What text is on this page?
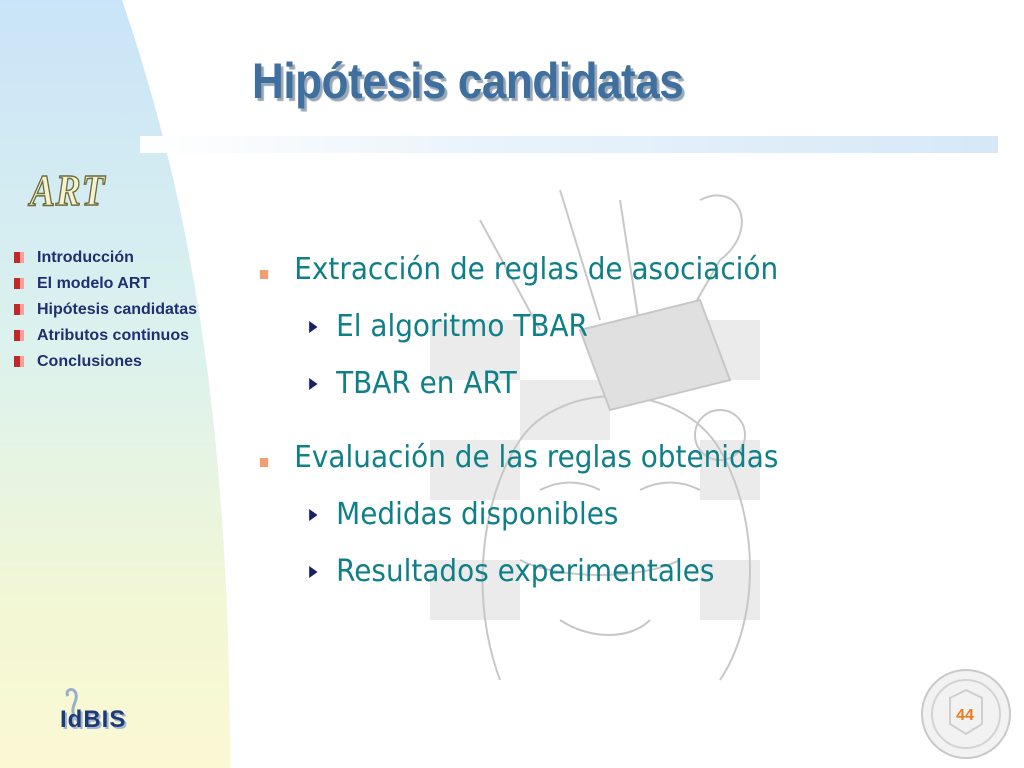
Hipótesis candidatas
ART
Introducción
El modelo ART
Hipótesis candidatas
Atributos continuos
Conclusiones
Extracción de reglas de asociación
El algoritmo TBAR
TBAR en ART
Evaluación de las reglas obtenidas
Medidas disponibles
Resultados experimentales
IdBIS	44
